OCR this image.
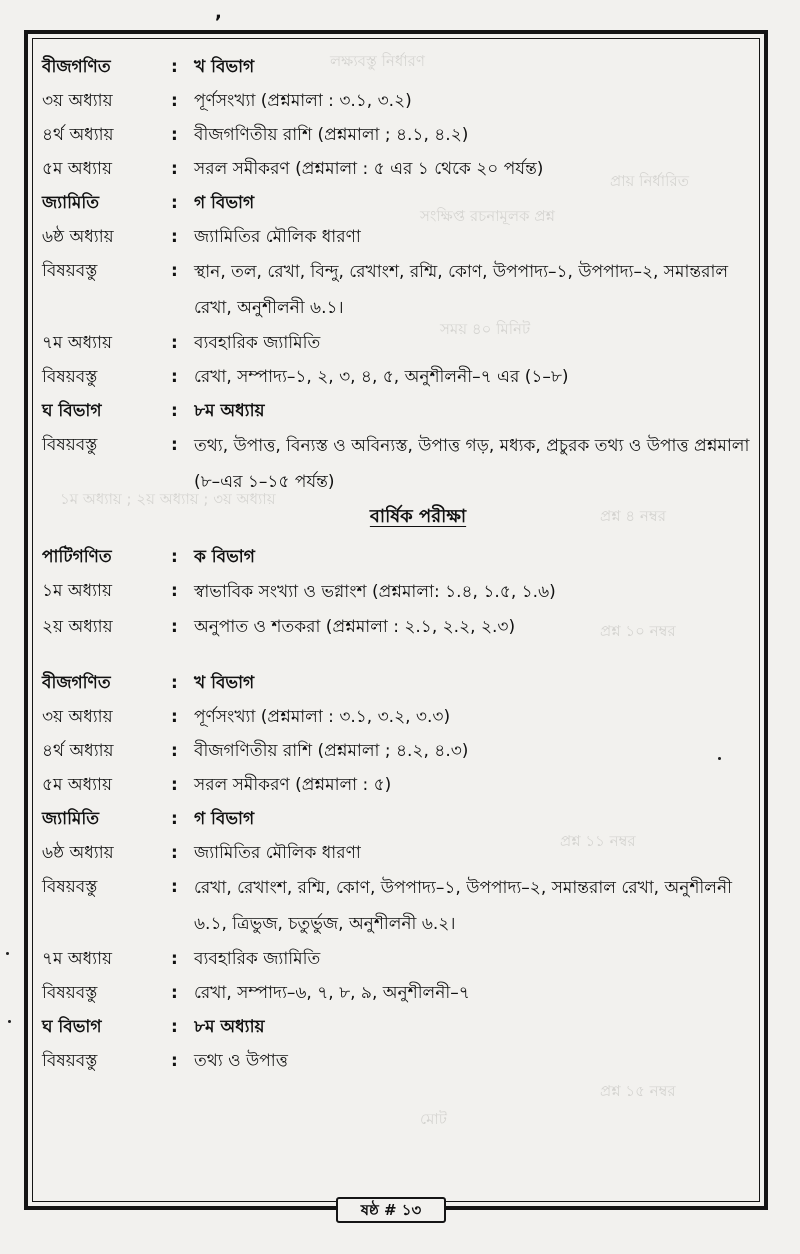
,
লক্ষ্যবস্তু নির্ধারণ
প্রায় নির্ধারিত
সংক্ষিপ্ত রচনামূলক প্রশ্ন
সময় ৪০ মিনিট
১ম অধ্যায় ; ২য় অধ্যায় ; ৩য় অধ্যায়
প্রশ্ন ৪ নম্বর
প্রশ্ন ১০ নম্বর
প্রশ্ন ১১ নম্বর
প্রশ্ন ১৫ নম্বর
মোট
বীজগণিত	: খ বিভাগ
৩য় অধ্যায়	: পূর্ণসংখ্যা (প্রশ্নমালা : ৩.১, ৩.২)
৪র্থ অধ্যায়	: বীজগণিতীয় রাশি (প্রশ্নমালা ; ৪.১, ৪.২)
৫ম অধ্যায়	: সরল সমীকরণ (প্রশ্নমালা : ৫ এর ১ থেকে ২০ পর্যন্ত)
জ্যামিতি	: গ বিভাগ
৬ষ্ঠ অধ্যায়	: জ্যামিতির মৌলিক ধারণা
বিষয়বস্তু	: স্থান, তল, রেখা, বিন্দু, রেখাংশ, রশ্মি, কোণ, উপপাদ্য–১, উপপাদ্য–২, সমান্তরাল রেখা, অনুশীলনী ৬.১।
৭ম অধ্যায়	: ব্যবহারিক জ্যামিতি
বিষয়বস্তু	: রেখা, সম্পাদ্য–১, ২, ৩, ৪, ৫, অনুশীলনী–৭ এর (১–৮)
ঘ বিভাগ	: ৮ম অধ্যায়
বিষয়বস্তু	: তথ্য, উপাত্ত, বিন্যস্ত ও অবিন্যস্ত, উপাত্ত গড়, মধ্যক, প্রচুরক তথ্য ও উপাত্ত প্রশ্নমালা (৮–এর ১–১৫ পর্যন্ত)
বার্ষিক পরীক্ষা
পাটিগণিত	: ক বিভাগ
১ম অধ্যায়	: স্বাভাবিক সংখ্যা ও ভগ্নাংশ (প্রশ্নমালা: ১.৪, ১.৫, ১.৬)
২য় অধ্যায়	: অনুপাত ও শতকরা (প্রশ্নমালা : ২.১, ২.২, ২.৩)
বীজগণিত	: খ বিভাগ
৩য় অধ্যায়	: পূর্ণসংখ্যা (প্রশ্নমালা : ৩.১, ৩.২, ৩.৩)
৪র্থ অধ্যায়	: বীজগণিতীয় রাশি (প্রশ্নমালা ; ৪.২, ৪.৩)
৫ম অধ্যায়	: সরল সমীকরণ (প্রশ্নমালা : ৫)
জ্যামিতি	: গ বিভাগ
৬ষ্ঠ অধ্যায়	: জ্যামিতির মৌলিক ধারণা
বিষয়বস্তু	: রেখা, রেখাংশ, রশ্মি, কোণ, উপপাদ্য–১, উপপাদ্য–২, সমান্তরাল রেখা, অনুশীলনী ৬.১, ত্রিভুজ, চতুর্ভুজ, অনুশীলনী ৬.২।
৭ম অধ্যায়	: ব্যবহারিক জ্যামিতি
বিষয়বস্তু	: রেখা, সম্পাদ্য–৬, ৭, ৮, ৯, অনুশীলনী–৭
ঘ বিভাগ	: ৮ম অধ্যায়
বিষয়বস্তু	: তথ্য ও উপাত্ত
ষষ্ঠ # ১৩
